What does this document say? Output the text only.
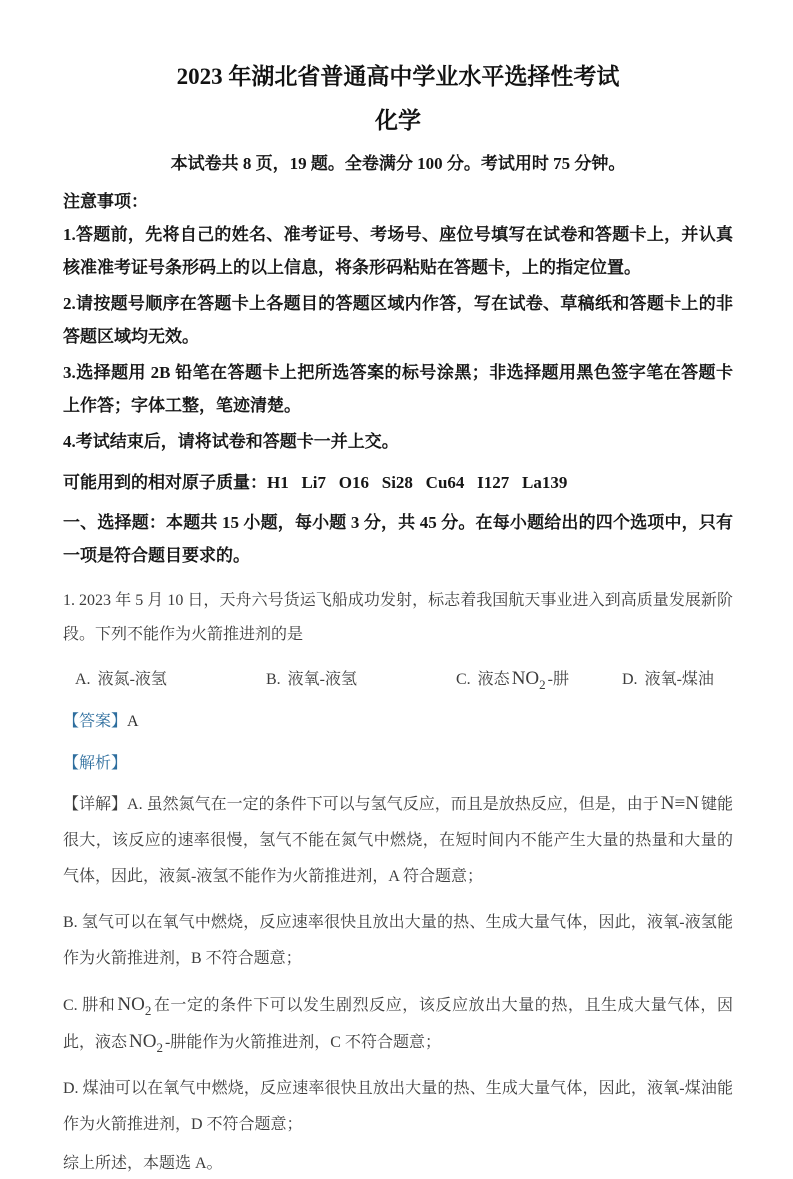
2023 年湖北省普通高中学业水平选择性考试
化学

本试卷共 8 页，19 题。全卷满分 100 分。考试用时 75 分钟。

注意事项：

1.答题前，先将自己的姓名、准考证号、考场号、座位号填写在试卷和答题卡上，并认真核准准考证号条形码上的以上信息，将条形码粘贴在答题卡，上的指定位置。

2.请按题号顺序在答题卡上各题目的答题区域内作答，写在试卷、草稿纸和答题卡上的非答题区域均无效。

3.选择题用 2B 铅笔在答题卡上把所选答案的标号涂黑；非选择题用黑色签字笔在答题卡上作答；字体工整，笔迹清楚。

4.考试结束后，请将试卷和答题卡一并上交。

可能用到的相对原子质量：H1   Li7   O16   Si28   Cu64   I127   La139

一、选择题：本题共 15 小题，每小题 3 分，共 45 分。在每小题给出的四个选项中，只有一项是符合题目要求的。

1. 2023 年 5 月 10 日，天舟六号货运飞船成功发射，标志着我国航天事业进入到高质量发展新阶段。下列不能作为火箭推进剂的是

A. 液氮-液氢	B. 液氧-液氢	C. 液态 $NO_2$ -肼	D. 液氧-煤油

【答案】A

【解析】

【详解】A. 虽然氮气在一定的条件下可以与氢气反应，而且是放热反应，但是，由于 N≡N 键能很大，该反应的速率很慢，氢气不能在氮气中燃烧，在短时间内不能产生大量的热量和大量的气体，因此，液氮-液氢不能作为火箭推进剂，A 符合题意；

B. 氢气可以在氧气中燃烧，反应速率很快且放出大量的热、生成大量气体，因此，液氧-液氢能作为火箭推进剂，B 不符合题意；

C. 肼和 $NO_2$ 在一定的条件下可以发生剧烈反应，该反应放出大量的热，且生成大量气体，因此，液态 $NO_2$ -肼能作为火箭推进剂，C 不符合题意；

D. 煤油可以在氧气中燃烧，反应速率很快且放出大量的热、生成大量气体，因此，液氧-煤油能作为火箭推进剂，D 不符合题意；

综上所述，本题选 A。
